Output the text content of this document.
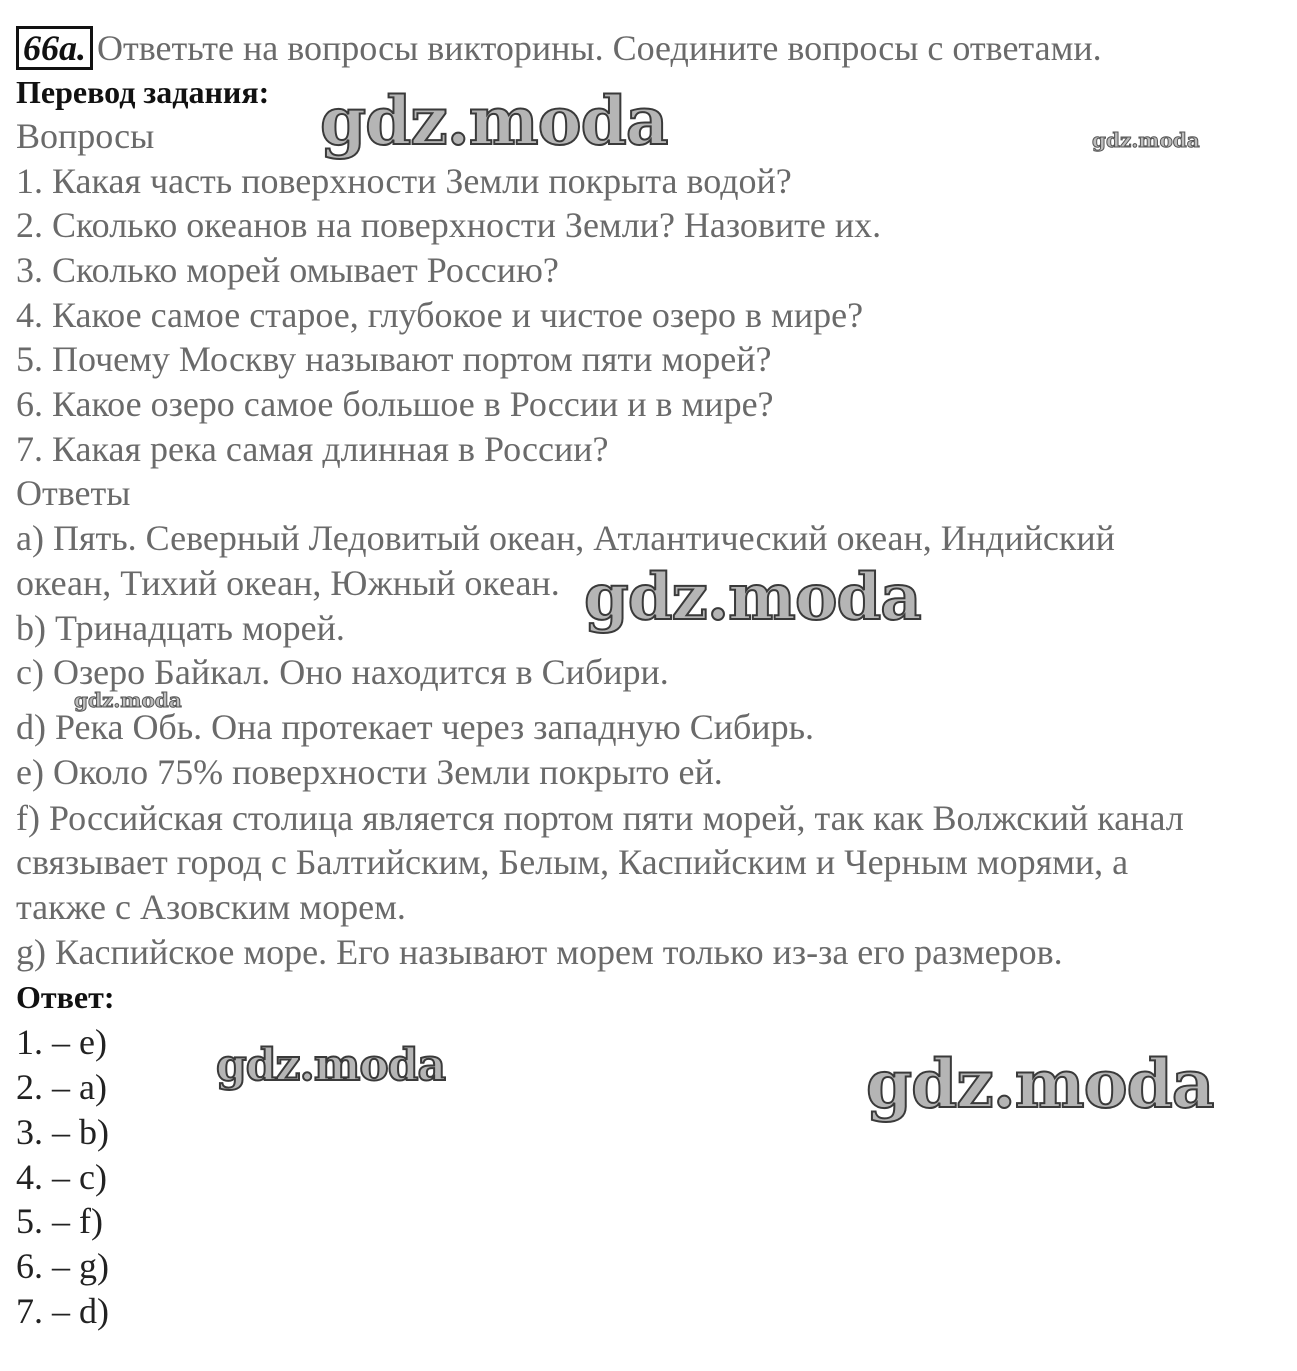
66a. Ответьте на вопросы викторины. Соедините вопросы с ответами.
Перевод задания:
Вопросы
1. Какая часть поверхности Земли покрыта водой?
2. Сколько океанов на поверхности Земли? Назовите их.
3. Сколько морей омывает Россию?
4. Какое самое старое, глубокое и чистое озеро в мире?
5. Почему Москву называют портом пяти морей?
6. Какое озеро самое большое в России и в мире?
7. Какая река самая длинная в России?
Ответы
a) Пять. Северный Ледовитый океан, Атлантический океан, Индийский
океан, Тихий океан, Южный океан.
b) Тринадцать морей.
c) Озеро Байкал. Оно находится в Сибири.
d) Река Обь. Она протекает через западную Сибирь.
e) Около 75% поверхности Земли покрыто ей.
f) Российская столица является портом пяти морей, так как Волжский канал
связывает город с Балтийским, Белым, Каспийским и Черным морями, а
также с Азовским морем.
g) Каспийское море. Его называют морем только из-за его размеров.
Ответ:
1. – e)
2. – a)
3. – b)
4. – c)
5. – f)
6. – g)
7. – d)
gdz.moda	gdz.moda
gdz.moda
gdz.moda
gdz.moda	gdz.moda
